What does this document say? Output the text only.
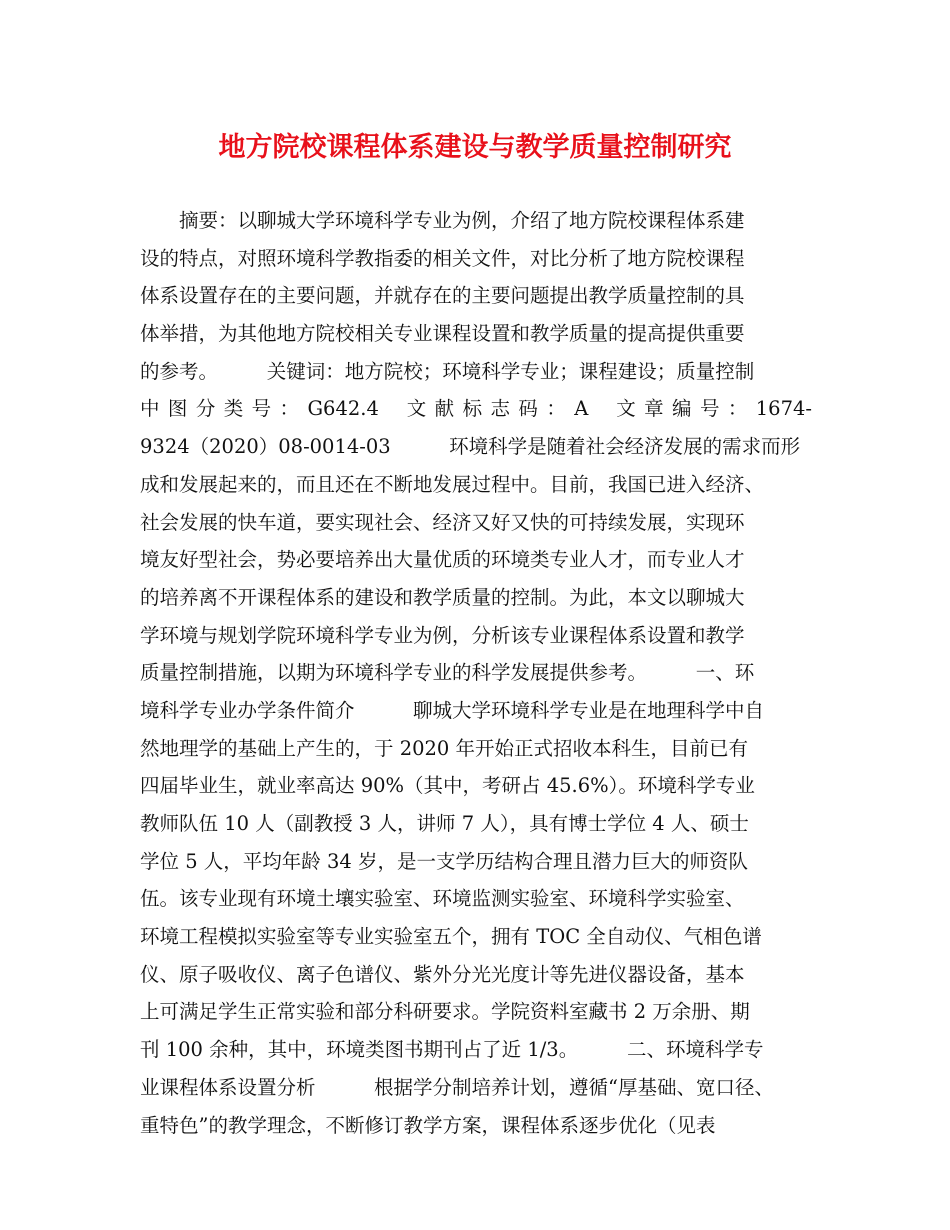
地方院校课程体系建设与教学质量控制研究
　　摘要：以聊城大学环境科学专业为例，介绍了地方院校课程体系建
设的特点，对照环境科学教指委的相关文件，对比分析了地方院校课程
体系设置存在的主要问题，并就存在的主要问题提出教学质量控制的具
体举措，为其他地方院校相关专业课程设置和教学质量的提高提供重要
的参考。　　　关键词：地方院校；环境科学专业；课程建设；质量控制
中 图 分 类 号 ： G642.4 　文 献 标 志 码 ： A 　文 章 编 号 ： 1674-
9324（2020）08-0014-03　　　环境科学是随着社会经济发展的需求而形
成和发展起来的，而且还在不断地发展过程中。目前，我国已进入经济、
社会发展的快车道，要实现社会、经济又好又快的可持续发展，实现环
境友好型社会，势必要培养出大量优质的环境类专业人才，而专业人才
的培养离不开课程体系的建设和教学质量的控制。为此，本文以聊城大
学环境与规划学院环境科学专业为例，分析该专业课程体系设置和教学
质量控制措施，以期为环境科学专业的科学发展提供参考。　　　一、环
境科学专业办学条件简介　　　聊城大学环境科学专业是在地理科学中自
然地理学的基础上产生的，于 2020 年开始正式招收本科生，目前已有
四届毕业生，就业率高达 90%（其中，考研占 45.6%）。环境科学专业
教师队伍 10 人（副教授 3 人，讲师 7 人），具有博士学位 4 人、硕士
学位 5 人，平均年龄 34 岁，是一支学历结构合理且潜力巨大的师资队
伍。该专业现有环境土壤实验室、环境监测实验室、环境科学实验室、
环境工程模拟实验室等专业实验室五个，拥有 TOC 全自动仪、气相色谱
仪、原子吸收仪、离子色谱仪、紫外分光光度计等先进仪器设备，基本
上可满足学生正常实验和部分科研要求。学院资料室藏书 2 万余册、期
刊 100 余种，其中，环境类图书期刊占了近 1/3。　　　二、环境科学专
业课程体系设置分析　　　根据学分制培养计划，遵循“厚基础、宽口径、
重特色”的教学理念，不断修订教学方案，课程体系逐步优化（见表
